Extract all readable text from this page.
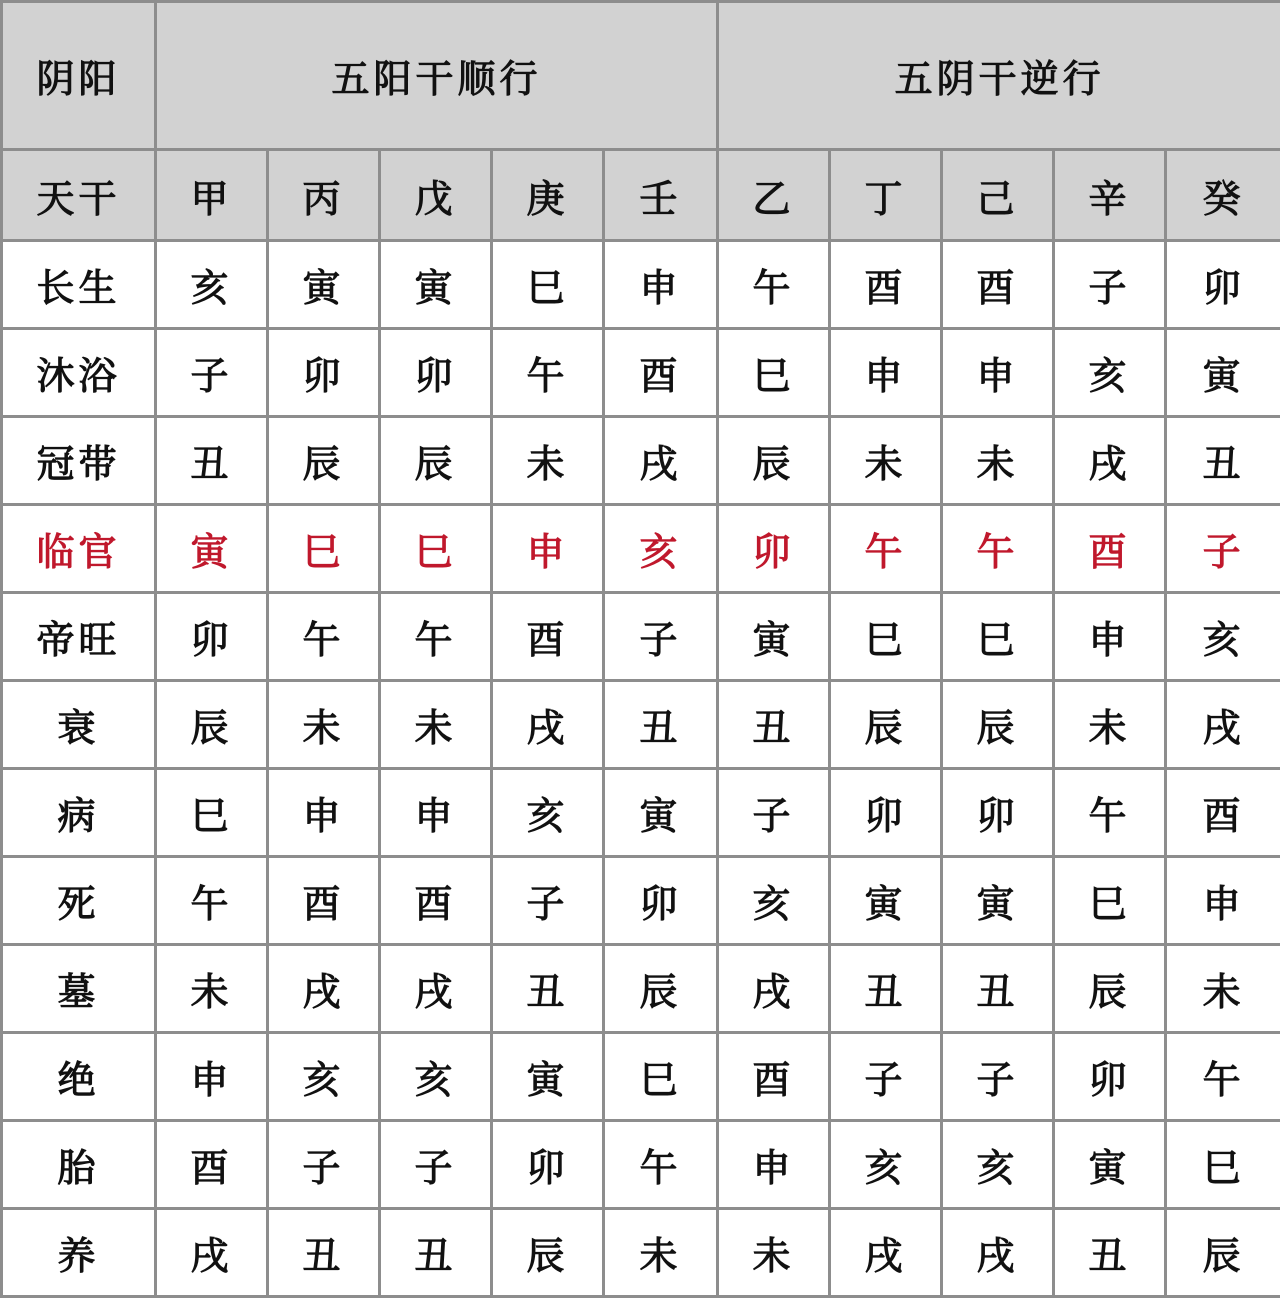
阴阳	五阳干顺行					五阴干逆行				
天干	甲	丙	戊	庚	壬	乙	丁	己	辛	癸
长生	亥	寅	寅	巳	申	午	酉	酉	子	卯
沐浴	子	卯	卯	午	酉	巳	申	申	亥	寅
冠带	丑	辰	辰	未	戌	辰	未	未	戌	丑
临官	寅	巳	巳	申	亥	卯	午	午	酉	子
帝旺	卯	午	午	酉	子	寅	巳	巳	申	亥
衰	辰	未	未	戌	丑	丑	辰	辰	未	戌
病	巳	申	申	亥	寅	子	卯	卯	午	酉
死	午	酉	酉	子	卯	亥	寅	寅	巳	申
墓	未	戌	戌	丑	辰	戌	丑	丑	辰	未
绝	申	亥	亥	寅	巳	酉	子	子	卯	午
胎	酉	子	子	卯	午	申	亥	亥	寅	巳
养	戌	丑	丑	辰	未	未	戌	戌	丑	辰
